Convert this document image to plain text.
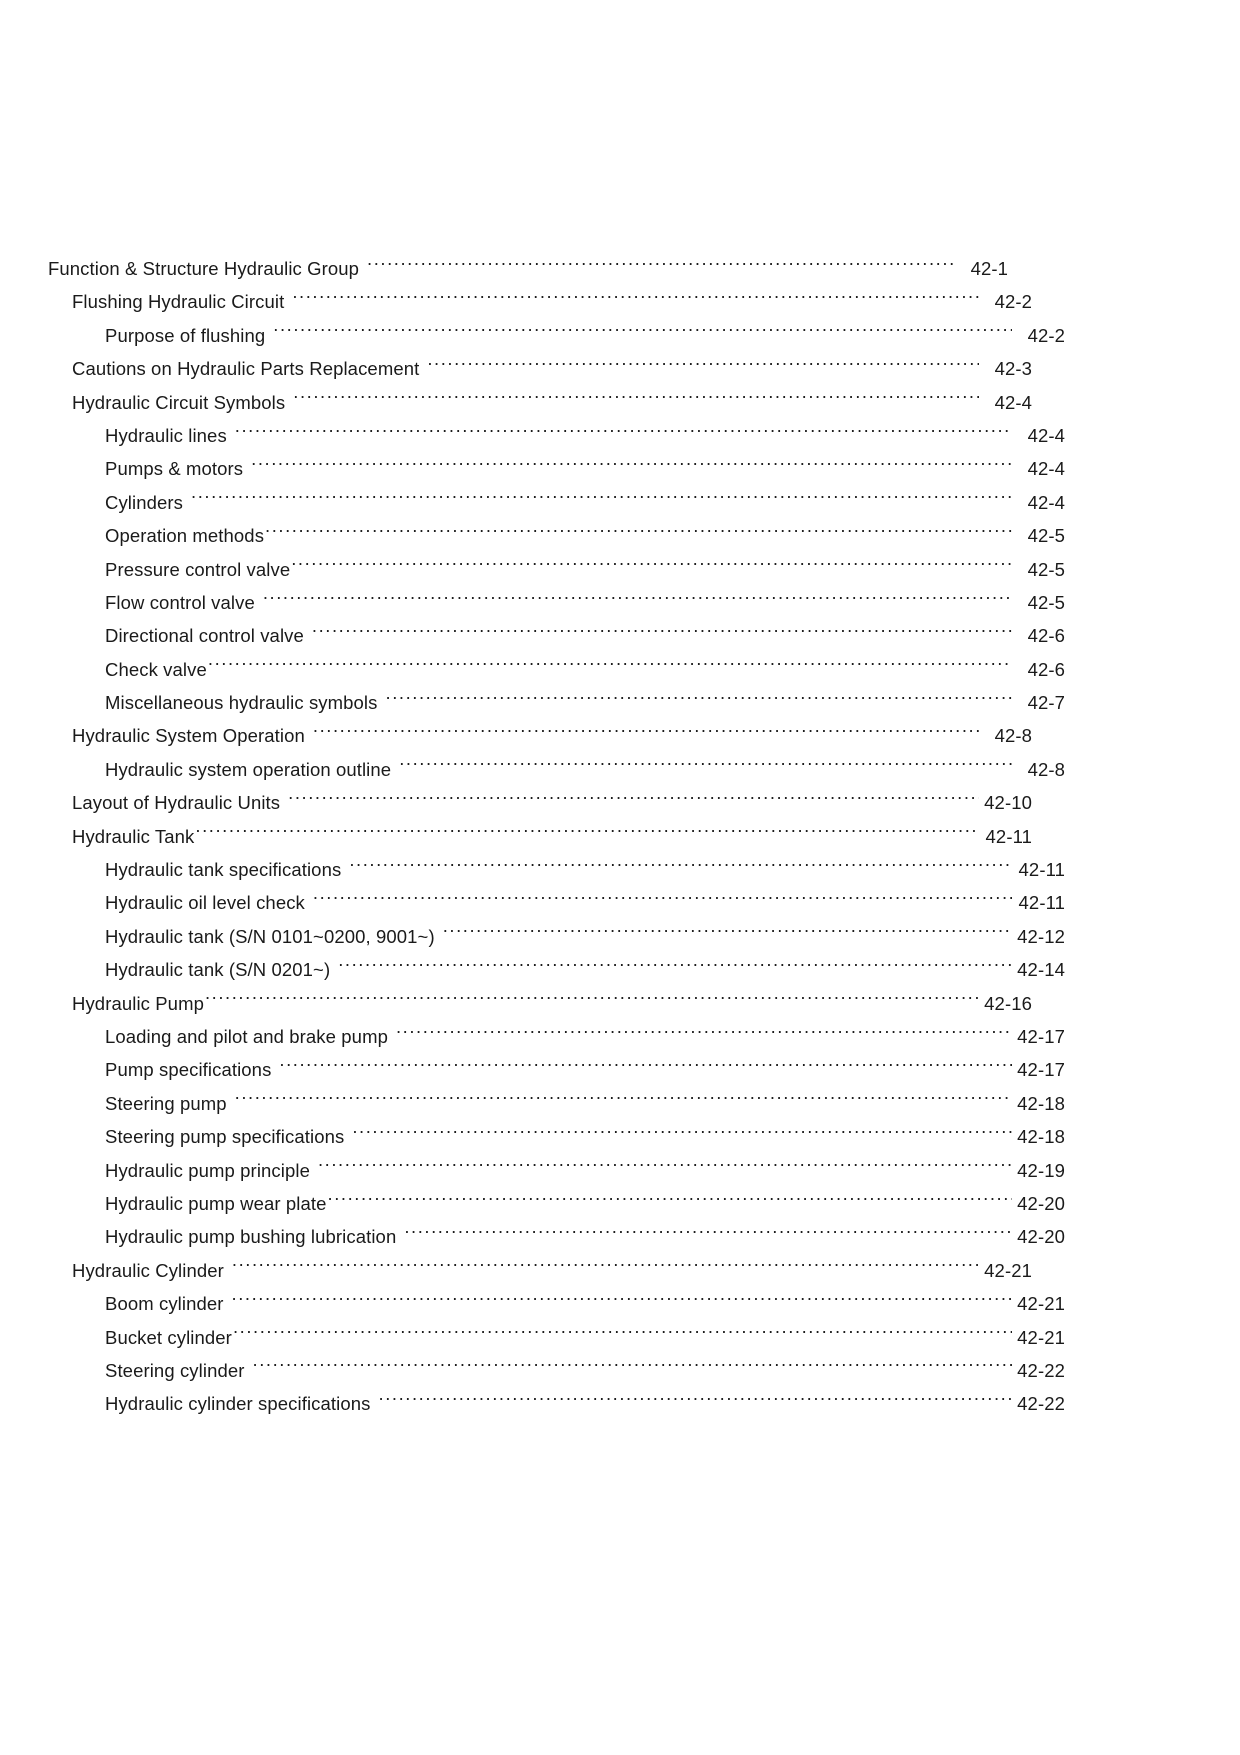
Function & Structure Hydraulic Group .....	42-1
Flushing Hydraulic Circuit .....	42-2
Purpose of flushing .....	42-2
Cautions on Hydraulic Parts Replacement .....	42-3
Hydraulic Circuit Symbols .....	42-4
Hydraulic lines .....	42-4
Pumps & motors .....	42-4
Cylinders .....	42-4
Operation methods .....	42-5
Pressure control valve .....	42-5
Flow control valve .....	42-5
Directional control valve .....	42-6
Check valve .....	42-6
Miscellaneous hydraulic symbols .....	42-7
Hydraulic System Operation .....	42-8
Hydraulic system operation outline .....	42-8
Layout of Hydraulic Units .....	42-10
Hydraulic Tank .....	42-11
Hydraulic tank specifications .....	42-11
Hydraulic oil level check .....	42-11
Hydraulic tank (S/N 0101~0200, 9001~) .....	42-12
Hydraulic tank (S/N 0201~) .....	42-14
Hydraulic Pump .....	42-16
Loading and pilot and brake pump .....	42-17
Pump specifications .....	42-17
Steering pump .....	42-18
Steering pump specifications .....	42-18
Hydraulic pump principle .....	42-19
Hydraulic pump wear plate .....	42-20
Hydraulic pump bushing lubrication .....	42-20
Hydraulic Cylinder .....	42-21
Boom cylinder .....	42-21
Bucket cylinder .....	42-21
Steering cylinder .....	42-22
Hydraulic cylinder specifications .....	42-22
